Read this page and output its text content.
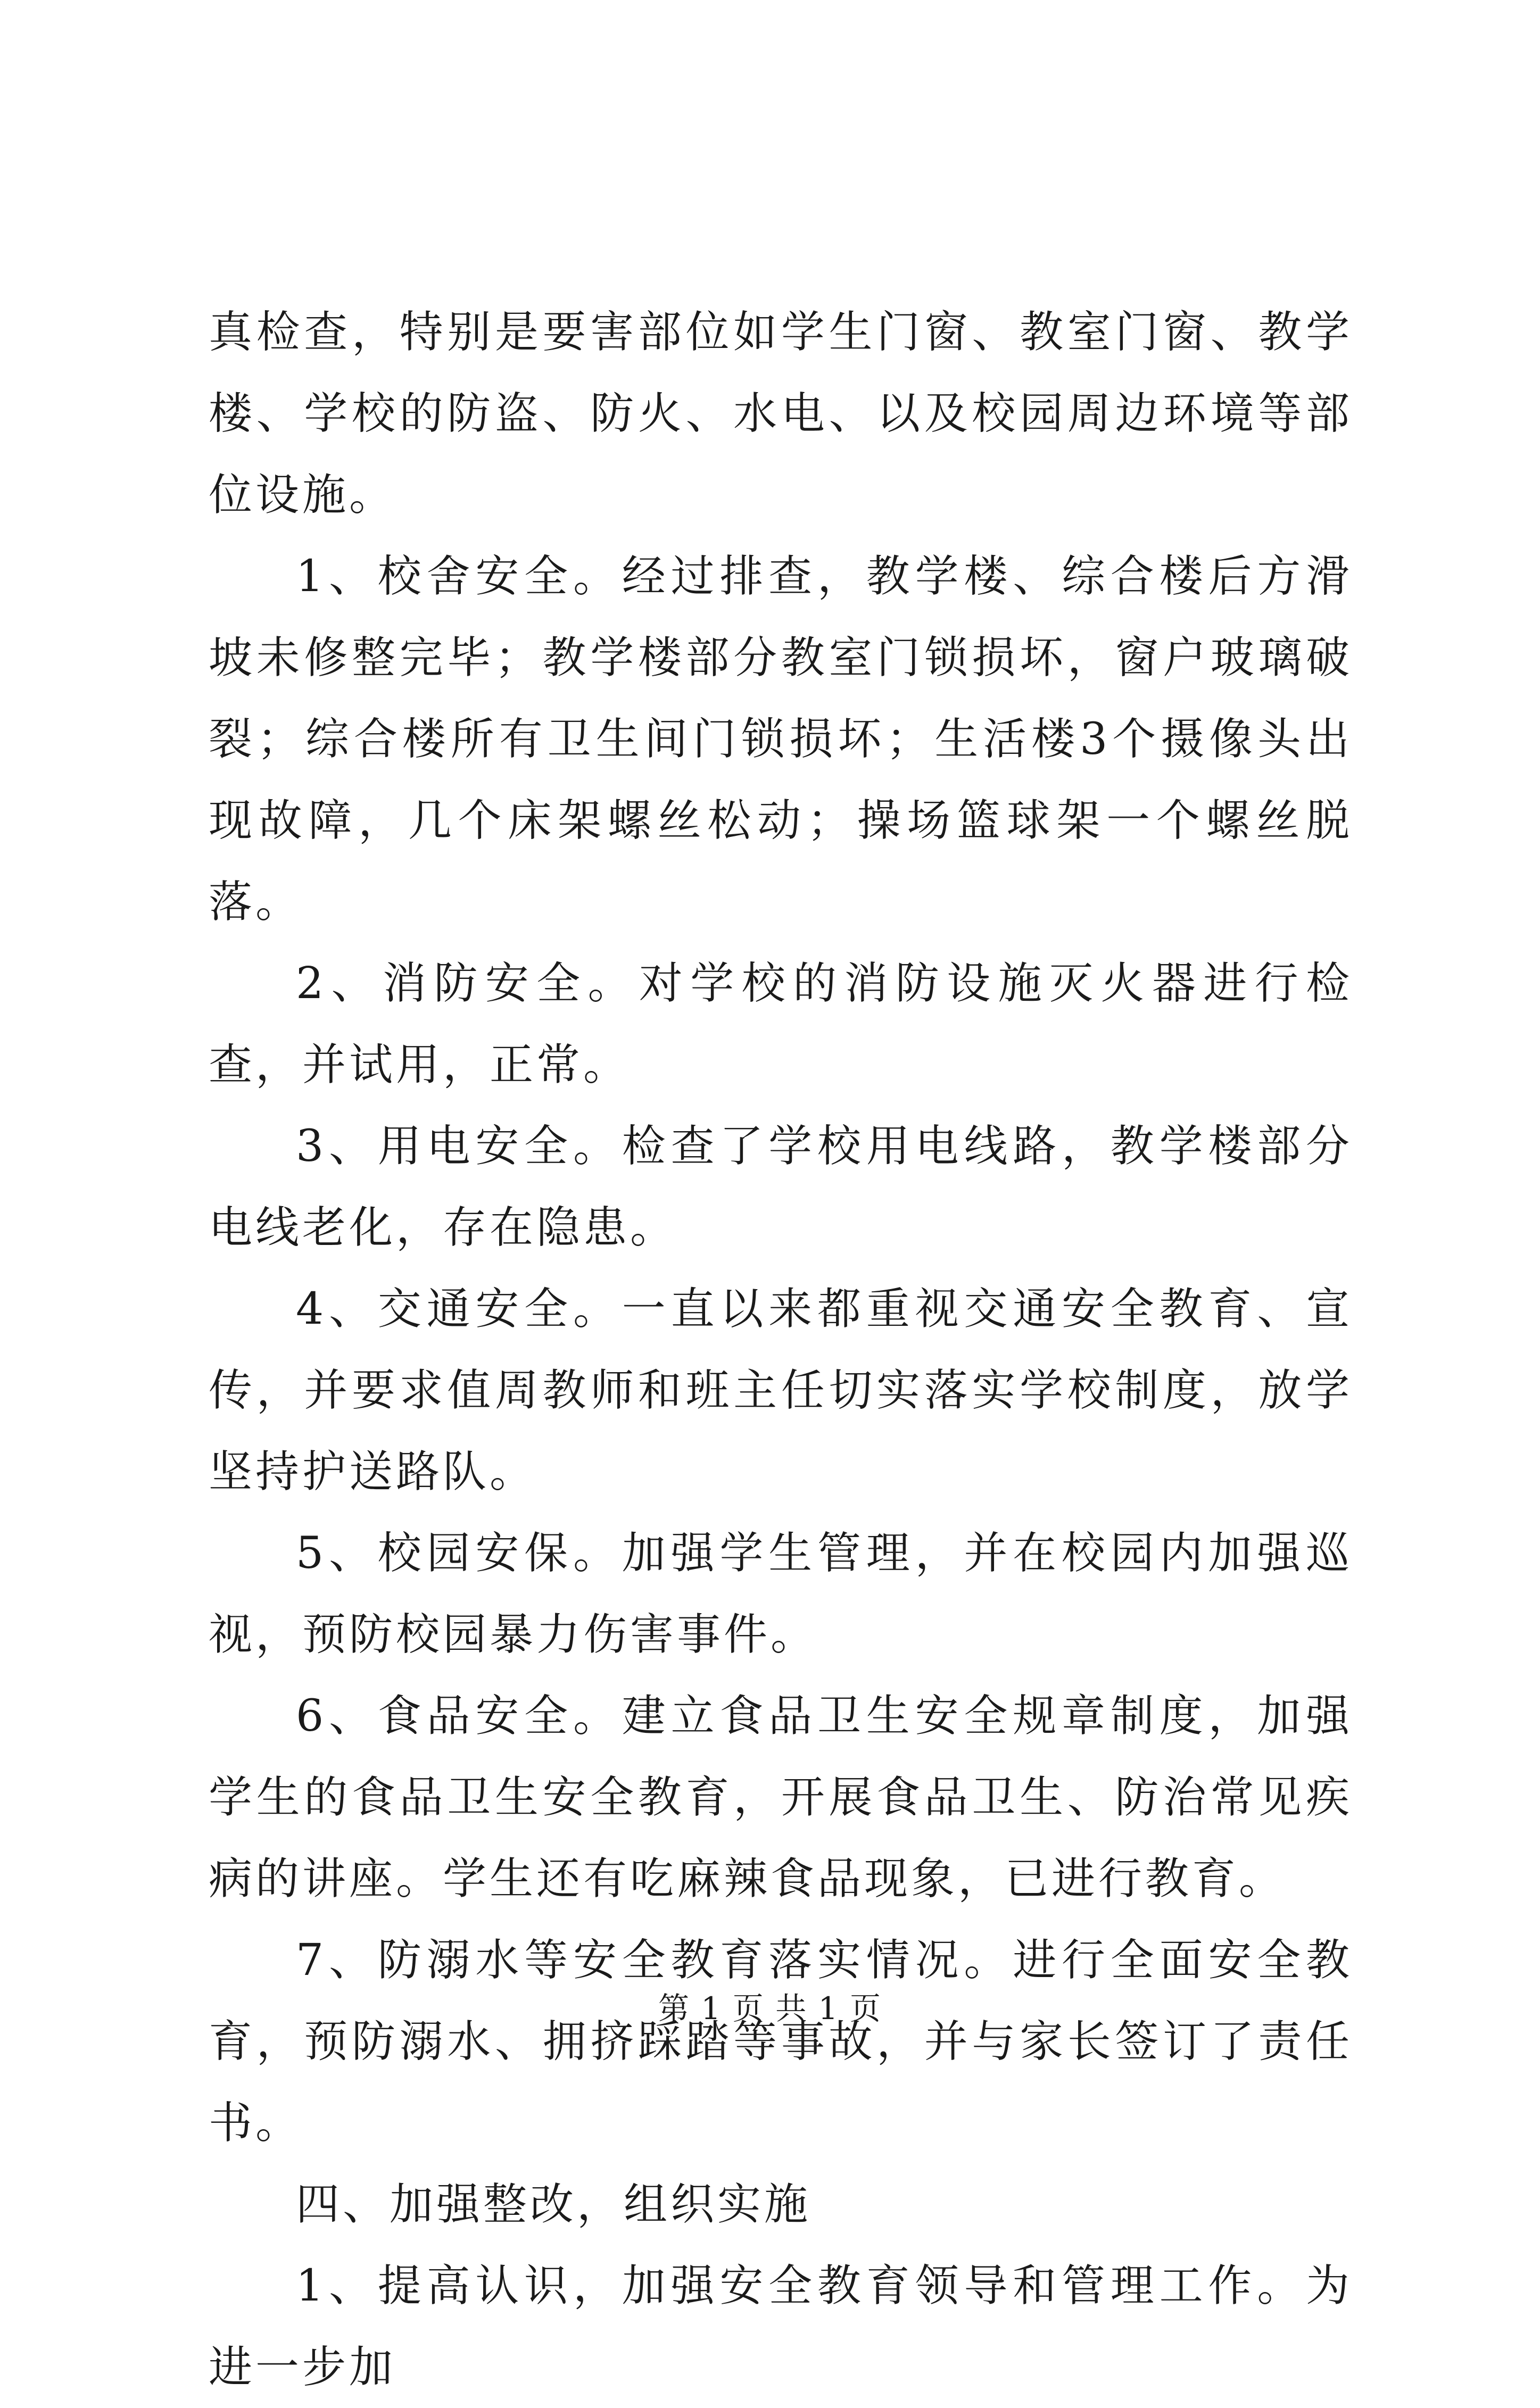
真检查，特别是要害部位如学生门窗、教室门窗、教学楼、学校的防盗、防火、水电、以及校园周边环境等部位设施。

1、校舍安全。经过排查，教学楼、综合楼后方滑坡未修整完毕；教学楼部分教室门锁损坏，窗户玻璃破裂；综合楼所有卫生间门锁损坏；生活楼3个摄像头出现故障，几个床架螺丝松动；操场篮球架一个螺丝脱落。

2、消防安全。对学校的消防设施灭火器进行检查，并试用，正常。

3、用电安全。检查了学校用电线路，教学楼部分电线老化，存在隐患。

4、交通安全。一直以来都重视交通安全教育、宣传，并要求值周教师和班主任切实落实学校制度，放学坚持护送路队。

5、校园安保。加强学生管理，并在校园内加强巡视，预防校园暴力伤害事件。

6、食品安全。建立食品卫生安全规章制度，加强学生的食品卫生安全教育，开展食品卫生、防治常见疾病的讲座。学生还有吃麻辣食品现象，已进行教育。

7、防溺水等安全教育落实情况。进行全面安全教育，预防溺水、拥挤踩踏等事故，并与家长签订了责任书。

四、加强整改，组织实施

1、提高认识，加强安全教育领导和管理工作。为进一步加

第 1 页 共 1 页
